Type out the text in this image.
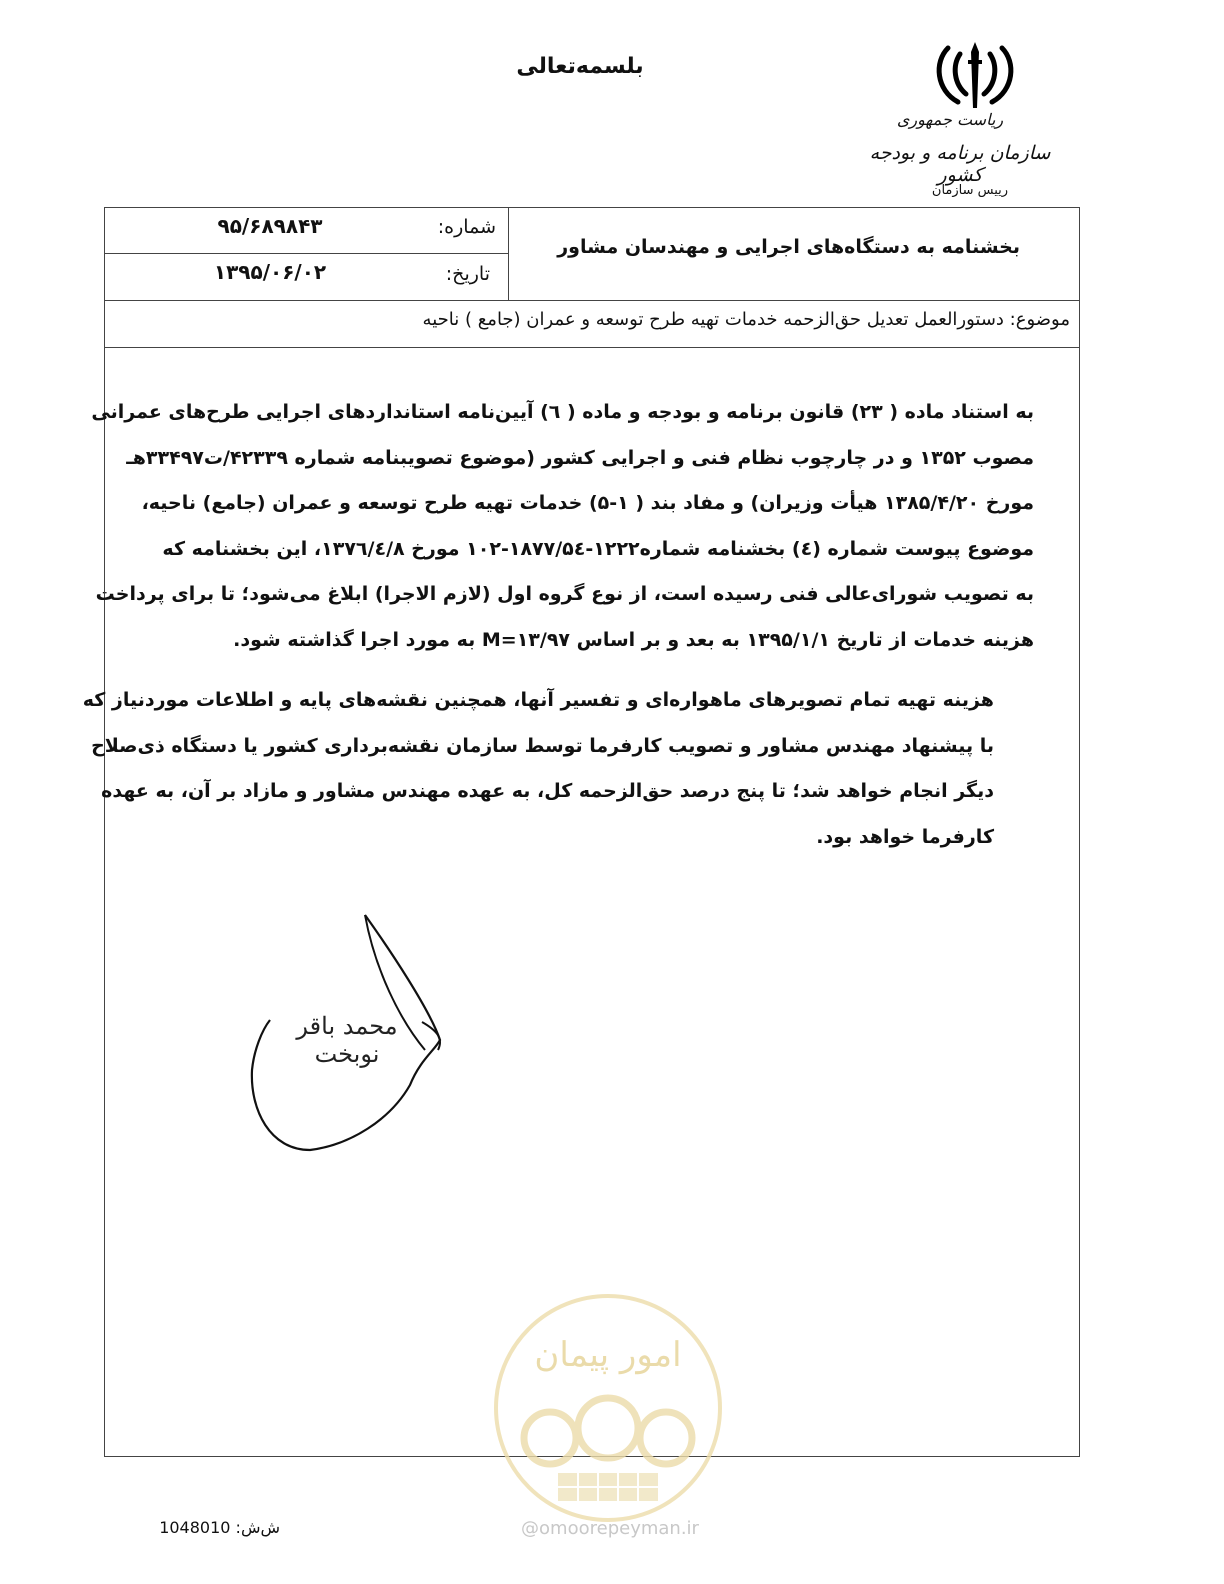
بلسمه‌تعالی
ریاست جمهوری
سازمان برنامه و بودجه کشور
رییس سازمان
شماره:
۹۵/۶۸۹۸۴۳
تاریخ:
۱۳۹۵/۰۶/۰۲
بخشنامه به دستگاه‌های اجرایی و مهندسان مشاور
موضوع: دستورالعمل تعدیل حق‌الزحمه خدمات تهیه طرح توسعه و عمران (جامع ) ناحیه
به استناد ماده ( ۲۳) قانون برنامه و بودجه و ماده ( ٦) آیین‌نامه استانداردهای اجرایی طرح‌های عمرانی
مصوب ۱۳۵۲ و در چارچوب نظام فنی و اجرایی کشور (موضوع تصویبنامه شماره ۴۲۳۳۹/ت۳۳۴۹۷هـ
مورخ ۱۳۸۵/۴/۲۰ هیأت وزیران) و مفاد بند ( ۱-۵) خدمات تهیه طرح توسعه و عمران (جامع) ناحیه،
موضوع پیوست شماره (٤) بخشنامه شماره۱۲۲۲-۱۸۷۷/۵٤-۱۰۲ مورخ ۱۳۷٦/٤/۸، این بخشنامه که
به تصویب شورای‌عالی فنی رسیده است، از نوع گروه اول (لازم الاجرا) ابلاغ می‌شود؛ تا برای پرداخت
هزینه خدمات از تاریخ ۱۳۹۵/۱/۱ به بعد و بر اساس ۱۳/۹۷=M به مورد اجرا گذاشته شود.
هزینه تهیه تمام تصویرهای ماهواره‌ای و تفسیر آنها، همچنین نقشه‌های پایه و اطلاعات موردنیاز که
با پیشنهاد مهندس مشاور و تصویب کارفرما توسط سازمان نقشه‌برداری کشور یا دستگاه ذی‌صلاح
دیگر انجام خواهد شد؛ تا پنج درصد حق‌الزحمه کل، به عهده مهندس مشاور و مازاد بر آن، به عهده
کارفرما خواهد بود.
محمد باقر نوبخت
امور پیمان
@omoorepeyman.ir
ش‌ش: 1048010
